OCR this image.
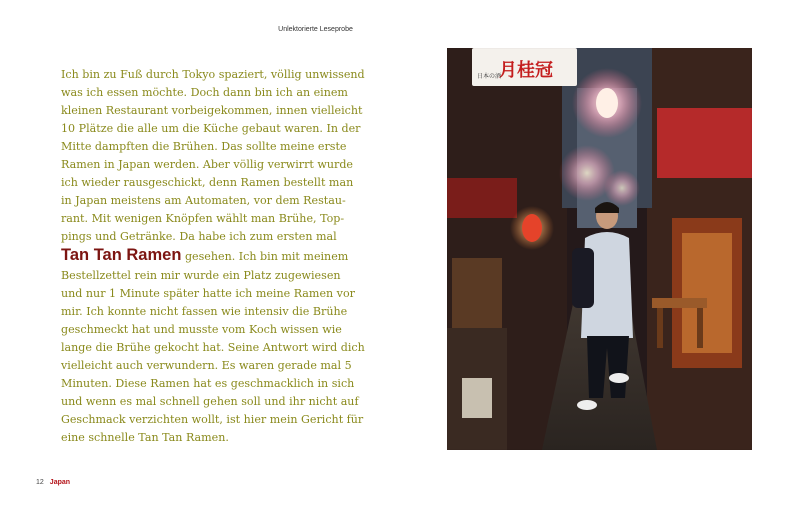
Unlektorierte Leseprobe
Ich bin zu Fuß durch Tokyo spaziert, völlig unwissend
was ich essen möchte. Doch dann bin ich an einem
kleinen Restaurant vorbeigekommen, innen vielleicht
10 Plätze die alle um die Küche gebaut waren. In der
Mitte dampften die Brühen. Das sollte meine erste
Ramen in Japan werden. Aber völlig verwirrt wurde
ich wieder rausgeschickt, denn Ramen bestellt man
in Japan meistens am Automaten, vor dem Restau-
rant. Mit wenigen Knöpfen wählt man Brühe, Top-
pings und Getränke. Da habe ich zum ersten mal
Tan Tan Ramen gesehen. Ich bin mit meinem
Bestellzettel rein mir wurde ein Platz zugewiesen
und nur 1 Minute später hatte ich meine Ramen vor
mir. Ich konnte nicht fassen wie intensiv die Brühe
geschmeckt hat und musste vom Koch wissen wie
lange die Brühe gekocht hat. Seine Antwort wird dich
vielleicht auch verwundern. Es waren gerade mal 5
Minuten. Diese Ramen hat es geschmacklich in sich
und wenn es mal schnell gehen soll und ihr nicht auf
Geschmack verzichten wollt, ist hier mein Gericht für
eine schnelle Tan Tan Ramen.
月桂冠
日本の酒
12 Japan
